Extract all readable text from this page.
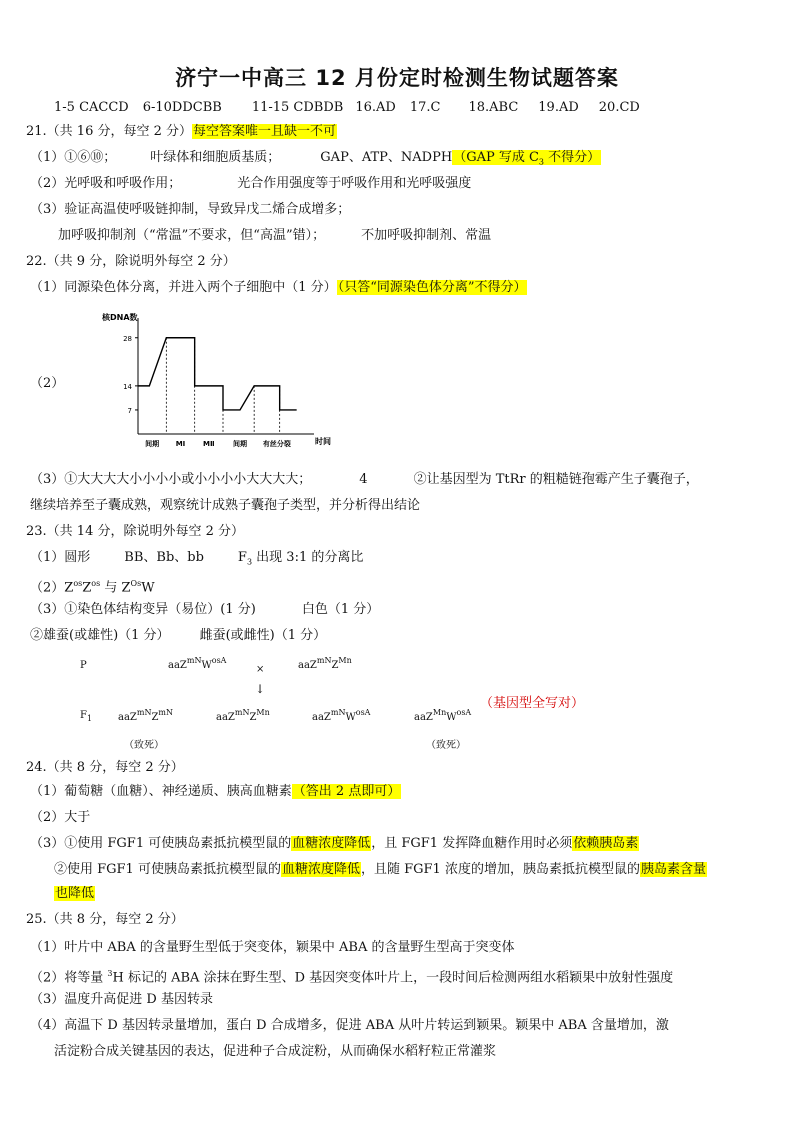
济宁一中高三 12 月份定时检测生物试题答案
1-5 CACCD 6-10DDCBB 11-15 CDBDB 16.AD 17.C 18.ABC 19.AD 20.CD
21.（共 16 分，每空 2 分）每空答案唯一且缺一不可
（1）①⑥⑩；	叶绿体和细胞质基质；	GAP、ATP、NADPH（GAP 写成 $C_3$ 不得分）
（2）光呼吸和呼吸作用；	光合作用强度等于呼吸作用和光呼吸强度
（3）验证高温使呼吸链抑制，导致异戊二烯合成增多；
加呼吸抑制剂（“常温”不要求，但“高温”错）；	不加呼吸抑制剂、常温
22.（共 9 分，除说明外每空 2 分）
（1）同源染色体分离，并进入两个子细胞中（1 分）（只答“同源染色体分离”不得分）
（2）
核DNA数
时间
7
14
28
间期 MⅠ	MⅡ	间期 有丝分裂
（3）①大大大大小小小小或小小小小大大大大；	4	②让基因型为 TtRr 的粗糙链孢霉产生子囊孢子，
继续培养至子囊成熟，观察统计成熟子囊孢子类型，并分析得出结论
23.（共 14 分，除说明外每空 2 分）
（1）圆形	BB、Bb、bb	$F_3$ 出现 3:1 的分离比
$(2)Z^{os}Z^{os}$ 与 $Z^{Os}W$
（3）①染色体结构变异（易位）(1 分)	白色（1 分）
②雄蚕(或雄性)（1 分） 雌蚕(或雌性)（1 分）
P	$aaZ^{mN}W^{osA}$
×	$aaZ^{mN}Z^{Mn}$
↓
$F_1$	$aaZ^{mN}Z^{mN}$	$aaZ^{mN}Z^{Mn}$	$aaZ^{mN}W^{osA}$	$aaZ^{Mn}W^{osA}$
（致死）	（致死）
（基因型全写对）
24.（共 8 分，每空 2 分）
（1）葡萄糖（血糖）、神经递质、胰高血糖素（答出 2 点即可）
（2）大于
（3）①使用 FGF1 可使胰岛素抵抗模型鼠的血糖浓度降低，且 FGF1 发挥降血糖作用时必须依赖胰岛素
②使用 FGF1 可使胰岛素抵抗模型鼠的血糖浓度降低，且随 FGF1 浓度的增加，胰岛素抵抗模型鼠的胰岛素含量
也降低
25.（共 8 分，每空 2 分）
（1）叶片中 ABA 的含量野生型低于突变体，颖果中 ABA 的含量野生型高于突变体
（2）将等量 $^3$H 标记的 ABA 涂抹在野生型、D 基因突变体叶片上，一段时间后检测两组水稻颖果中放射性强度
（3）温度升高促进 D 基因转录
（4）高温下 D 基因转录量增加，蛋白 D 合成增多，促进 ABA 从叶片转运到颖果。颖果中 ABA 含量增加，激
活淀粉合成关键基因的表达，促进种子合成淀粉，从而确保水稻籽粒正常灌浆
